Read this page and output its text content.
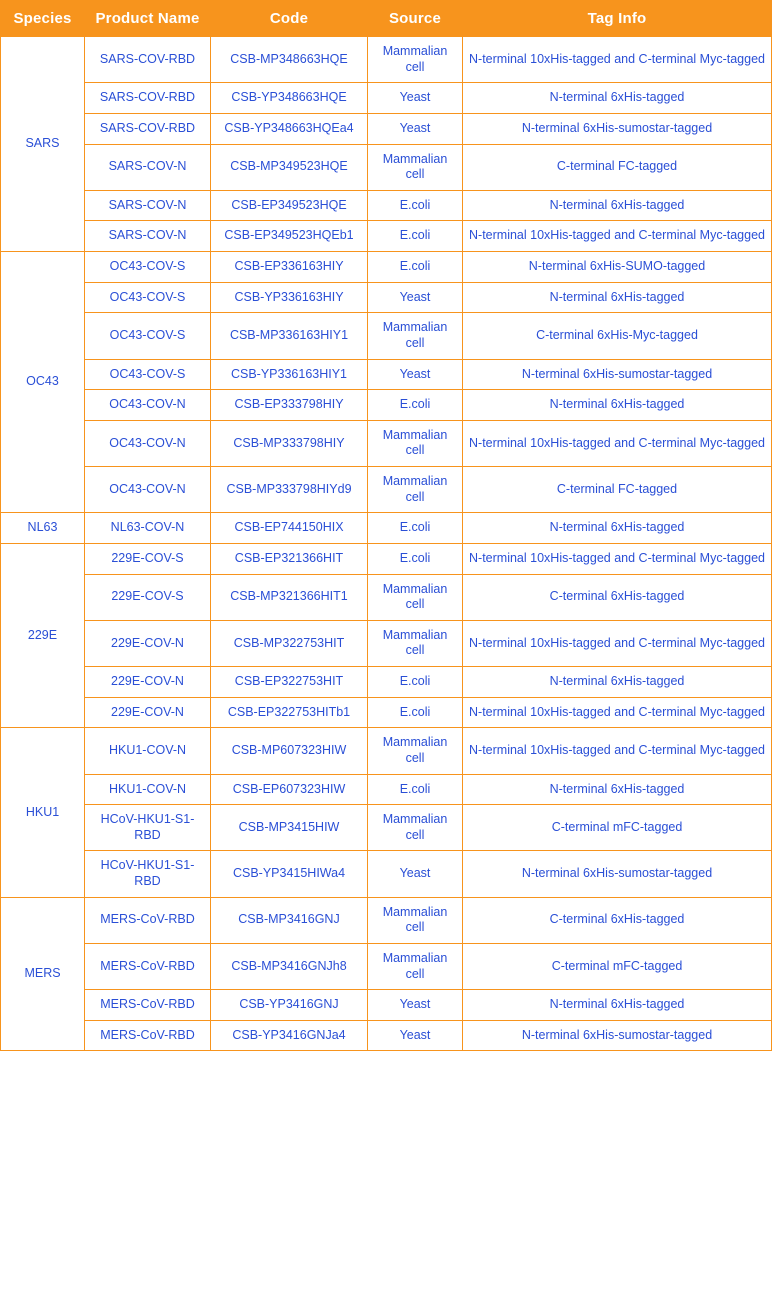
Species	Product Name	Code	Source	Tag Info
SARS	SARS-COV-RBD	CSB-MP348663HQE	Mammalian cell	N-terminal 10xHis-tagged and C-terminal Myc-tagged
	SARS-COV-RBD	CSB-YP348663HQE	Yeast	N-terminal 6xHis-tagged
	SARS-COV-RBD	CSB-YP348663HQEa4	Yeast	N-terminal 6xHis-sumostar-tagged
	SARS-COV-N	CSB-MP349523HQE	Mammalian cell	C-terminal FC-tagged
	SARS-COV-N	CSB-EP349523HQE	E.coli	N-terminal 6xHis-tagged
	SARS-COV-N	CSB-EP349523HQEb1	E.coli	N-terminal 10xHis-tagged and C-terminal Myc-tagged
OC43	OC43-COV-S	CSB-EP336163HIY	E.coli	N-terminal 6xHis-SUMO-tagged
	OC43-COV-S	CSB-YP336163HIY	Yeast	N-terminal 6xHis-tagged
	OC43-COV-S	CSB-MP336163HIY1	Mammalian cell	C-terminal 6xHis-Myc-tagged
	OC43-COV-S	CSB-YP336163HIY1	Yeast	N-terminal 6xHis-sumostar-tagged
	OC43-COV-N	CSB-EP333798HIY	E.coli	N-terminal 6xHis-tagged
	OC43-COV-N	CSB-MP333798HIY	Mammalian cell	N-terminal 10xHis-tagged and C-terminal Myc-tagged
	OC43-COV-N	CSB-MP333798HIYd9	Mammalian cell	C-terminal FC-tagged
NL63	NL63-COV-N	CSB-EP744150HIX	E.coli	N-terminal 6xHis-tagged
229E	229E-COV-S	CSB-EP321366HIT	E.coli	N-terminal 10xHis-tagged and C-terminal Myc-tagged
	229E-COV-S	CSB-MP321366HIT1	Mammalian cell	C-terminal 6xHis-tagged
	229E-COV-N	CSB-MP322753HIT	Mammalian cell	N-terminal 10xHis-tagged and C-terminal Myc-tagged
	229E-COV-N	CSB-EP322753HIT	E.coli	N-terminal 6xHis-tagged
	229E-COV-N	CSB-EP322753HITb1	E.coli	N-terminal 10xHis-tagged and C-terminal Myc-tagged
HKU1	HKU1-COV-N	CSB-MP607323HIW	Mammalian cell	N-terminal 10xHis-tagged and C-terminal Myc-tagged
	HKU1-COV-N	CSB-EP607323HIW	E.coli	N-terminal 6xHis-tagged
	HCoV-HKU1-S1-RBD	CSB-MP3415HIW	Mammalian cell	C-terminal mFC-tagged
	HCoV-HKU1-S1-RBD	CSB-YP3415HIWa4	Yeast	N-terminal 6xHis-sumostar-tagged
MERS	MERS-CoV-RBD	CSB-MP3416GNJ	Mammalian cell	C-terminal 6xHis-tagged
	MERS-CoV-RBD	CSB-MP3416GNJh8	Mammalian cell	C-terminal mFC-tagged
	MERS-CoV-RBD	CSB-YP3416GNJ	Yeast	N-terminal 6xHis-tagged
	MERS-CoV-RBD	CSB-YP3416GNJa4	Yeast	N-terminal 6xHis-sumostar-tagged
